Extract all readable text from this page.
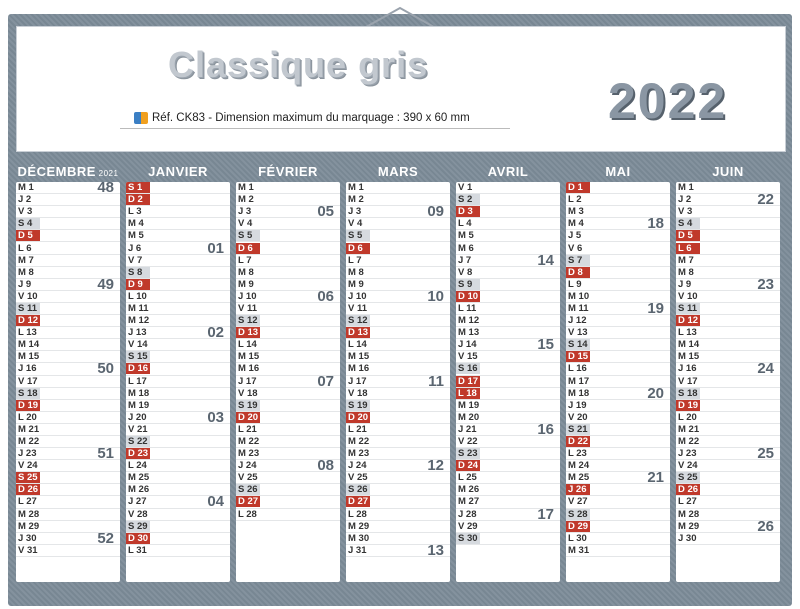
Classique gris
Réf. CK83 - Dimension maximum du marquage : 390 x 60 mm	2022
DÉCEMBRE 2021
M 1	48
J 2
V 3
S 4
D 5
L 6
M 7
M 8
J 9	49
V 10
S 11
D 12
L 13
M 14
M 15
J 16	50
V 17
S 18
D 19
L 20
M 21
M 22
J 23	51
V 24
S 25
D 26
L 27
M 28
M 29
J 30	52
V 31
JANVIER
S 1
D 2
L 3
M 4
M 5
J 6	01
V 7
S 8
D 9
L 10
M 11
M 12
J 13	02
V 14
S 15
D 16
L 17
M 18
M 19
J 20	03
V 21
S 22
D 23
L 24
M 25
M 26
J 27	04
V 28
S 29
D 30
L 31
FÉVRIER
M 1
M 2
J 3	05
V 4
S 5
D 6
L 7
M 8
M 9
J 10	06
V 11
S 12
D 13
L 14
M 15
M 16
J 17	07
V 18
S 19
D 20
L 21
M 22
M 23
J 24	08
V 25
S 26
D 27
L 28
MARS
M 1
M 2
J 3	09
V 4
S 5
D 6
L 7
M 8
M 9
J 10	10
V 11
S 12
D 13
L 14
M 15
M 16
J 17	11
V 18
S 19
D 20
L 21
M 22
M 23
J 24	12
V 25
S 26
D 27
L 28
M 29
M 30
J 31	13
AVRIL
V 1
S 2
D 3
L 4
M 5
M 6
J 7	14
V 8
S 9
D 10
L 11
M 12
M 13
J 14	15
V 15
S 16
D 17
L 18
M 19
M 20
J 21	16
V 22
S 23
D 24
L 25
M 26
M 27
J 28	17
V 29
S 30
MAI
D 1
L 2
M 3
M 4	18
J 5
V 6
S 7
D 8
L 9
M 10
M 11	19
J 12
V 13
S 14
D 15
L 16
M 17
M 18	20
J 19
V 20
S 21
D 22
L 23
M 24
M 25	21
J 26
V 27
S 28
D 29
L 30
M 31
JUIN
M 1
J 2	22
V 3
S 4
D 5
L 6
M 7
M 8
J 9	23
V 10
S 11
D 12
L 13
M 14
M 15
J 16	24
V 17
S 18
D 19
L 20
M 21
M 22
J 23	25
V 24
S 25
D 26
L 27
M 28
M 29	26
J 30
